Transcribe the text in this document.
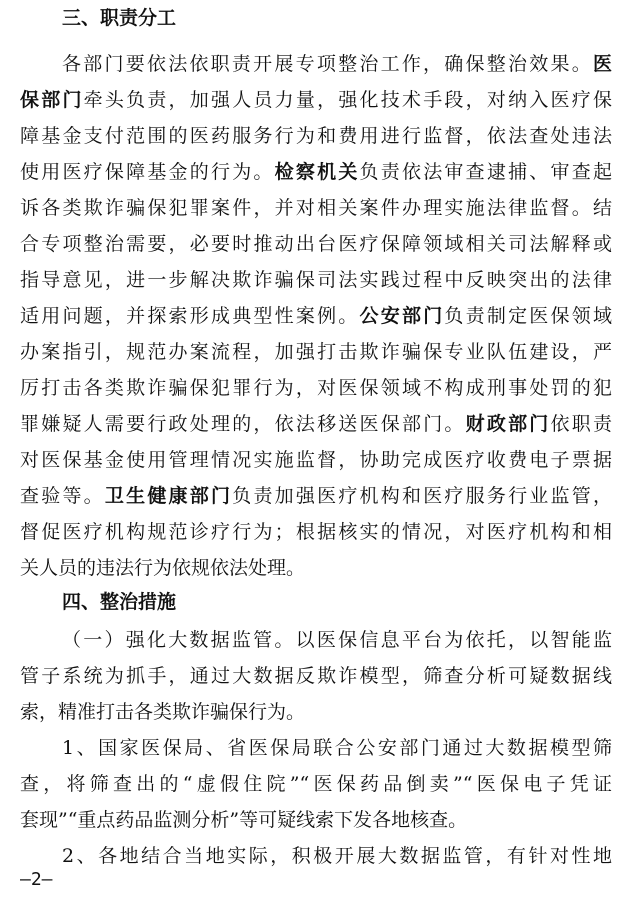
三、职责分工
各部门要依法依职责开展专项整治工作，确保整治效果。医
保部门牵头负责，加强人员力量，强化技术手段，对纳入医疗保
障基金支付范围的医药服务行为和费用进行监督，依法查处违法
使用医疗保障基金的行为。检察机关负责依法审查逮捕、审查起
诉各类欺诈骗保犯罪案件，并对相关案件办理实施法律监督。结
合专项整治需要，必要时推动出台医疗保障领域相关司法解释或
指导意见，进一步解决欺诈骗保司法实践过程中反映突出的法律
适用问题，并探索形成典型性案例。公安部门负责制定医保领域
办案指引，规范办案流程，加强打击欺诈骗保专业队伍建设，严
厉打击各类欺诈骗保犯罪行为，对医保领域不构成刑事处罚的犯
罪嫌疑人需要行政处理的，依法移送医保部门。财政部门依职责
对医保基金使用管理情况实施监督，协助完成医疗收费电子票据
查验等。卫生健康部门负责加强医疗机构和医疗服务行业监管，
督促医疗机构规范诊疗行为；根据核实的情况，对医疗机构和相
关人员的违法行为依规依法处理。
四、整治措施
（一）强化大数据监管。以医保信息平台为依托，以智能监
管子系统为抓手，通过大数据反欺诈模型，筛查分析可疑数据线
索，精准打击各类欺诈骗保行为。
1、国家医保局、省医保局联合公安部门通过大数据模型筛
查，将筛查出的“虚假住院”“医保药品倒卖”“医保电子凭证
套现”“重点药品监测分析”等可疑线索下发各地核查。
2、各地结合当地实际，积极开展大数据监管，有针对性地
—2—
